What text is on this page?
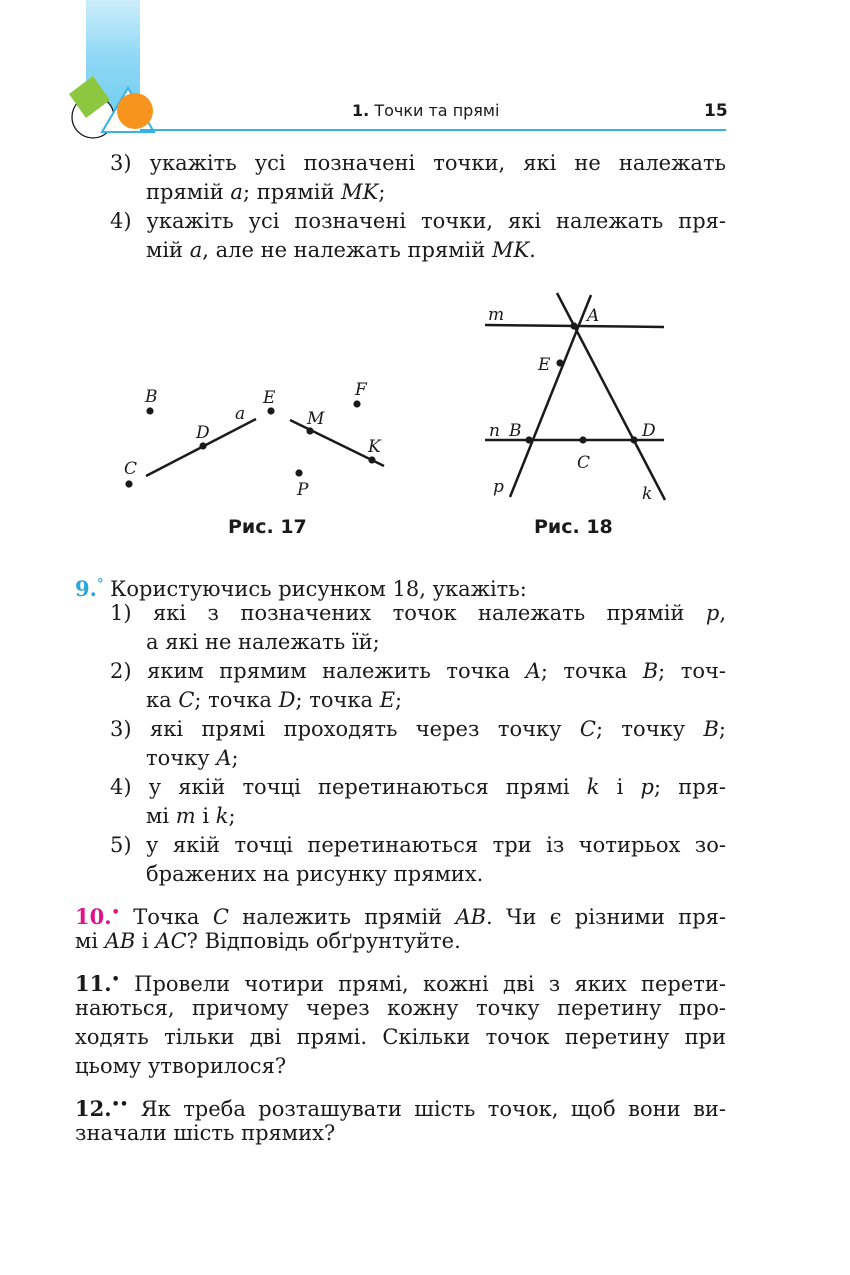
1. Точки та прямі	15
3) укажіть усі позначені точки, які не належать
прямій a; прямій MK;
4) укажіть усі позначені точки, які належать пря-
мій a, але не належать прямій MK.
B	E	F
a	M
D
K
C
P
Рис. 17
m	A
E
n B	D
C
p	k
Рис. 18
9.° Користуючись рисунком 18, укажіть:
1) які з позначених точок належать прямій p,
а які не належать їй;
2) яким прямим належить точка A; точка B; точ-
ка C; точка D; точка E;
3) які прямі проходять через точку C; точку B;
точку A;
4) у якій точці перетинаються прямі k і p; пря-
мі m і k;
5) у якій точці перетинаються три із чотирьох зо-
бражених на рисунку прямих.
10.• Точка C належить прямій AB. Чи є різними пря-
мі AB і AC? Відповідь обґрунтуйте.
11.• Провели чотири прямі, кожні дві з яких перети-
наються, причому через кожну точку перетину про-
ходять тільки дві прямі. Скільки точок перетину при
цьому утворилося?
12.•• Як треба розташувати шість точок, щоб вони ви-
значали шість прямих?
